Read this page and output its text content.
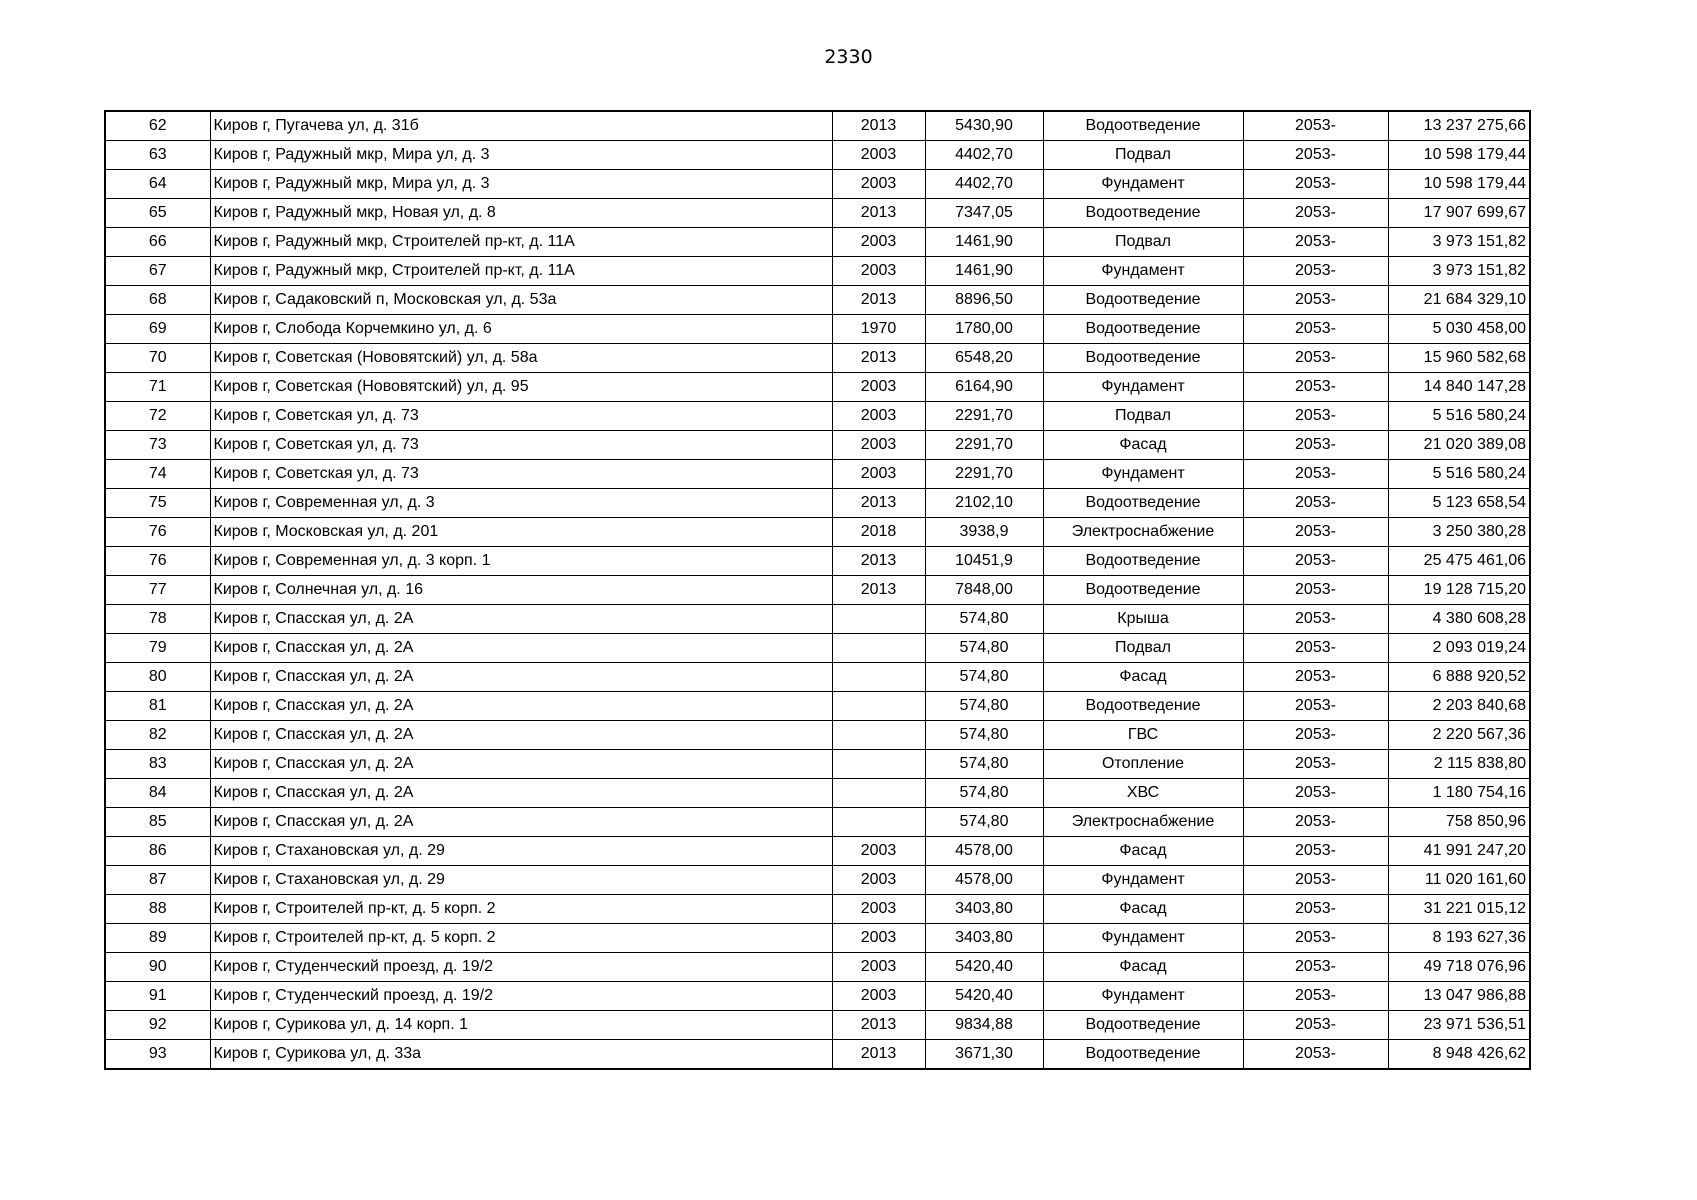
2330
62	Киров г, Пугачева ул, д. 31б	2013	5430,90	Водоотведение	2053-	13 237 275,66
63	Киров г, Радужный мкр, Мира ул, д. 3	2003	4402,70	Подвал	2053-	10 598 179,44
64	Киров г, Радужный мкр, Мира ул, д. 3	2003	4402,70	Фундамент	2053-	10 598 179,44
65	Киров г, Радужный мкр, Новая ул, д. 8	2013	7347,05	Водоотведение	2053-	17 907 699,67
66	Киров г, Радужный мкр, Строителей пр-кт, д. 11А	2003	1461,90	Подвал	2053-	3 973 151,82
67	Киров г, Радужный мкр, Строителей пр-кт, д. 11А	2003	1461,90	Фундамент	2053-	3 973 151,82
68	Киров г, Садаковский п, Московская ул, д. 53а	2013	8896,50	Водоотведение	2053-	21 684 329,10
69	Киров г, Слобода Корчемкино ул, д. 6	1970	1780,00	Водоотведение	2053-	5 030 458,00
70	Киров г, Советская (Нововятский) ул, д. 58а	2013	6548,20	Водоотведение	2053-	15 960 582,68
71	Киров г, Советская (Нововятский) ул, д. 95	2003	6164,90	Фундамент	2053-	14 840 147,28
72	Киров г, Советская ул, д. 73	2003	2291,70	Подвал	2053-	5 516 580,24
73	Киров г, Советская ул, д. 73	2003	2291,70	Фасад	2053-	21 020 389,08
74	Киров г, Советская ул, д. 73	2003	2291,70	Фундамент	2053-	5 516 580,24
75	Киров г, Современная ул, д. 3	2013	2102,10	Водоотведение	2053-	5 123 658,54
76	Киров г, Московская ул, д. 201	2018	3938,9	Электроснабжение	2053-	3 250 380,28
76	Киров г, Современная ул, д. 3 корп. 1	2013	10451,9	Водоотведение	2053-	25 475 461,06
77	Киров г, Солнечная ул, д. 16	2013	7848,00	Водоотведение	2053-	19 128 715,20
78	Киров г, Спасская ул, д. 2А		574,80	Крыша	2053-	4 380 608,28
79	Киров г, Спасская ул, д. 2А		574,80	Подвал	2053-	2 093 019,24
80	Киров г, Спасская ул, д. 2А		574,80	Фасад	2053-	6 888 920,52
81	Киров г, Спасская ул, д. 2А		574,80	Водоотведение	2053-	2 203 840,68
82	Киров г, Спасская ул, д. 2А		574,80	ГВС	2053-	2 220 567,36
83	Киров г, Спасская ул, д. 2А		574,80	Отопление	2053-	2 115 838,80
84	Киров г, Спасская ул, д. 2А		574,80	ХВС	2053-	1 180 754,16
85	Киров г, Спасская ул, д. 2А		574,80	Электроснабжение	2053-	758 850,96
86	Киров г, Стахановская ул, д. 29	2003	4578,00	Фасад	2053-	41 991 247,20
87	Киров г, Стахановская ул, д. 29	2003	4578,00	Фундамент	2053-	11 020 161,60
88	Киров г, Строителей пр-кт, д. 5 корп. 2	2003	3403,80	Фасад	2053-	31 221 015,12
89	Киров г, Строителей пр-кт, д. 5 корп. 2	2003	3403,80	Фундамент	2053-	8 193 627,36
90	Киров г, Студенческий проезд, д. 19/2	2003	5420,40	Фасад	2053-	49 718 076,96
91	Киров г, Студенческий проезд, д. 19/2	2003	5420,40	Фундамент	2053-	13 047 986,88
92	Киров г, Сурикова ул, д. 14 корп. 1	2013	9834,88	Водоотведение	2053-	23 971 536,51
93	Киров г, Сурикова ул, д. 33а	2013	3671,30	Водоотведение	2053-	8 948 426,62
